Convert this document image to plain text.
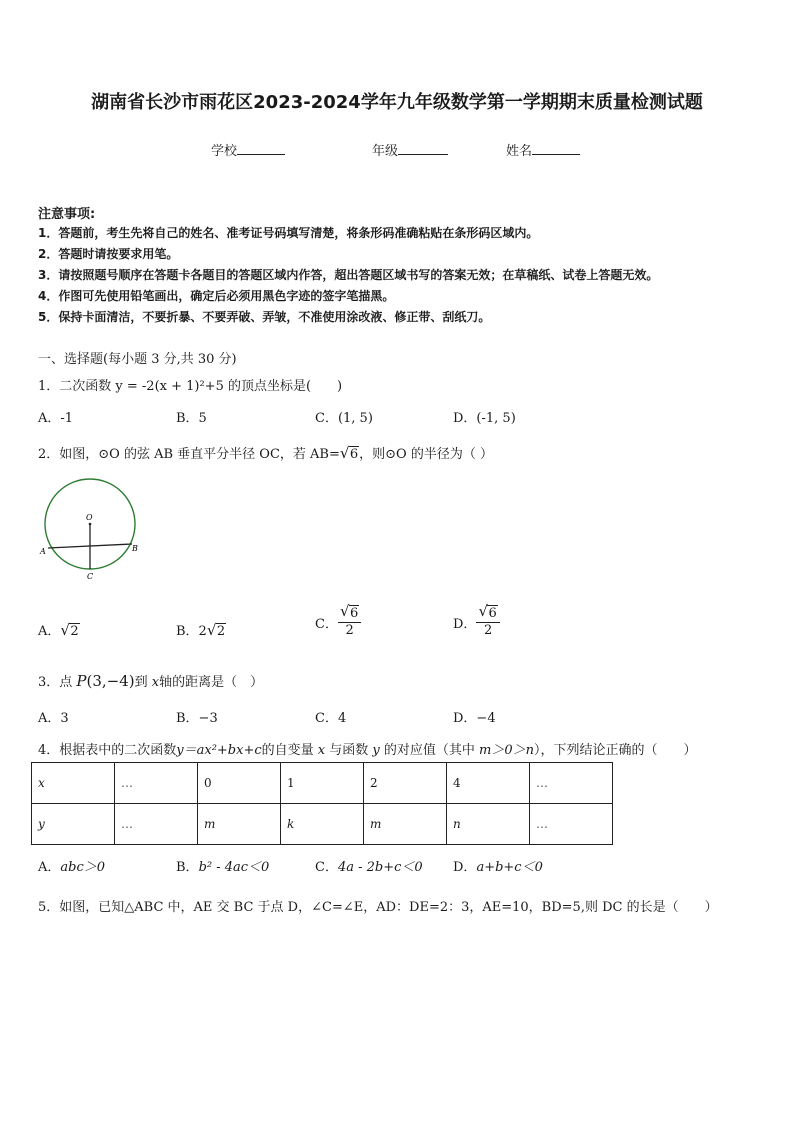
湖南省长沙市雨花区2023-2024学年九年级数学第一学期期末质量检测试题
学校	年级	姓名
注意事项:
1．答题前，考生先将自己的姓名、准考证号码填写清楚，将条形码准确粘贴在条形码区域内。
2．答题时请按要求用笔。
3．请按照题号顺序在答题卡各题目的答题区域内作答，超出答题区域书写的答案无效；在草稿纸、试卷上答题无效。
4．作图可先使用铅笔画出，确定后必须用黑色字迹的签字笔描黑。
5．保持卡面清洁，不要折暴、不要弄破、弄皱，不准使用涂改液、修正带、刮纸刀。
一、选择题(每小题 3 分,共 30 分)
1．二次函数 y = -2(x + 1)²+5 的顶点坐标是(　　)
A．-1	B．5	C．(1, 5)	D．(-1, 5)
2．如图，⊙O 的弦 AB 垂直平分半径 OC，若 AB= √ 6，则⊙O 的半径为（ ）
O
A	B
C
A． √ 2	B．2 √ 2	C． $\frac{√ 6}{2}$	D． $\frac{√ 6}{2}$
3．点 P(3,−4)到 x轴的距离是（　）
A．3	B．−3	C．4	D．−4
4．根据表中的二次函数y＝ax²+bx+c的自变量 x 与函数 y 的对应值（其中 m＞0＞n），下列结论正确的（　　）
x	…	0	1	2	4	…
y	…	m	k	m	n	…
A．abc＞0	B．b² - 4ac＜0	C．4a - 2b+c＜0 D．a+b+c＜0
5．如图，已知△ABC 中，AE 交 BC 于点 D，∠C=∠E，AD：DE=2：3，AE=10，BD=5,则 DC 的长是（　　）
